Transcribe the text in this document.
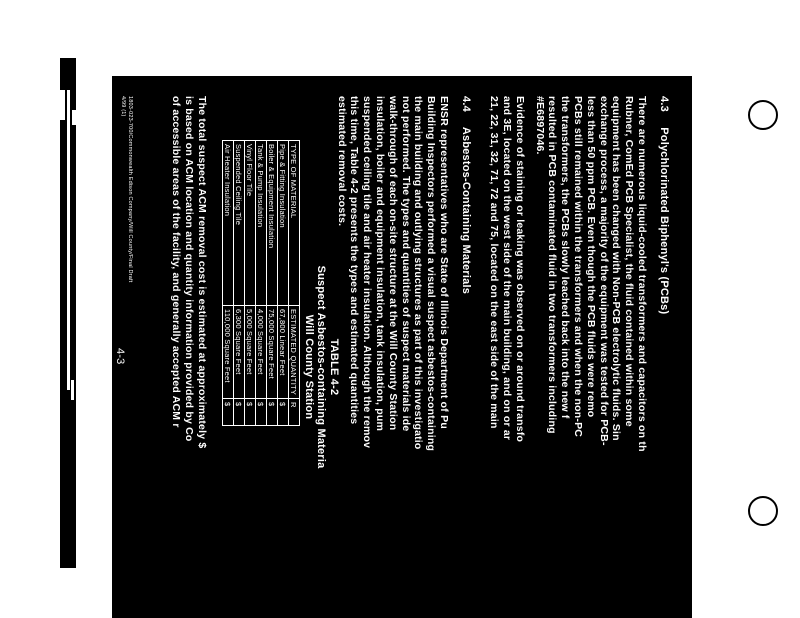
4.3 Polychlorinated Biphenyl's (PCBs)

There are numerous liquid-cooled transformers and capacitors on th
Rubner, ComEd PCB Specialist, the fluid contained within some
equipment has been changed with Non-PCB electrolytic fluids. Sin
exchange process, a majority of the equipment was tested for PCB-
less than 50 ppm PCB. Even though the PCB fluids were remo
PCBs still remained within the transformers and when the non-PC
the transformers, the PCBs slowly leached back into the new f
resulted in PCB contaminated fluid in two transformers including
#E6897046.
Evidence of staining or leaking was observed on or around transfo
and 3E, located on the west side of the main building, and on or ar
21, 22, 31, 32, 71, 72 and 75, located on the east side of the main

4.4 Asbestos-Containing Materials

ENSR representatives who are State of Illinois Department of Pu
Building Inspectors performed a visual suspect asbestos-containing
the main building and outlying structures as part of this investigatio
not performed. The types and quantities of suspect materials ide
walk-through of each on-site structure at the Will County Station
insulation, boiler and equipment insulation, tank insulation, pum
suspended ceiling tile and air heater insulation. Although the remov
this time, Table 4-2 presents the types and estimated quantities
estimated removal costs.
TABLE 4-2
Suspect Asbestos-containing Materia
Will County Station
TYPE OF MATERIAL	ESTIMATED QUANTITY	R
Pipe & Fitting Insulation	67,800 Linear Feet	$
Boiler & Equipment Insulation	75,000 Square Feet	$
Tank & Pump Insulation	4,000 Square Feet	$
Vinyl Floor Tile	5,000 Square Feet	$
Suspended Ceiling Tile	6,300 Square Feet	$
Air Heater Insulation	110,000 Square Feet	$
The total suspect ACM removal cost is estimated at approximately $
is based on ACM location and quantity information provided by Co
of accessible areas of the facility, and generally accepted ACM r
1803-023-700/Commonwealth Edison Company/Will County/Final Draft
4/99 (1)
4-3
